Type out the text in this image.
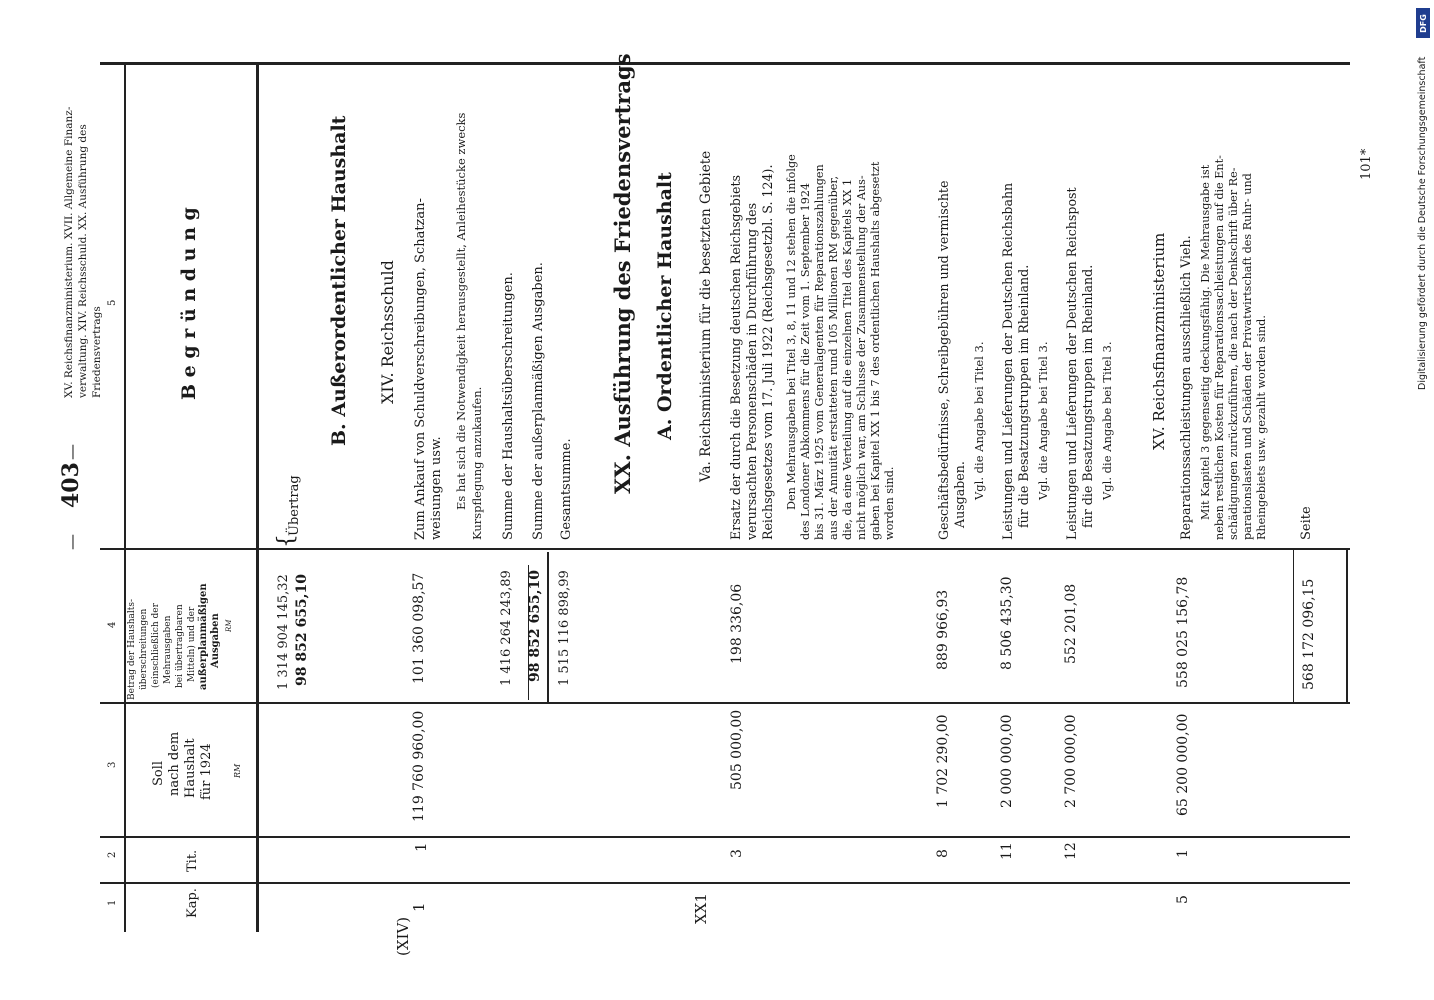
403
—
—
XV. Reichsfinanzministerium. XVII. Allgemeine Finanz- verwaltung. XIV. Reichsschuld. XX. Ausführung des Friedensvertrags
1
2
3
4
5
Kap.
Tit.
Soll nach dem Haushalt für 1924 RM
Betrag der Haushalts- überschreitungen (einschließlich der Mehrausgaben bei übertragbaren Mitteln) und der außerplanmäßigen Ausgaben RM
B e g r ü n d u n g
1 314 904 145,32 98 852 655,10
{
Übertrag
B. Außerordentlicher Haushalt XIV. Reichsschuld
(XIV)
1
1
119 760 960,00
101 360 098,57
Zum Ankauf von Schuldverschreibungen, Schatzan- weisungen usw. Es hat sich die Notwendigkeit herausgestellt, Anleihestücke zwecks Kurspflegung anzukaufen.
1 416 264 243,89
Summe der Haushaltsüberschreitungen.
98 852 655,10
Summe der außerplanmäßigen Ausgaben.
1 515 116 898,99
Gesamtsumme. XX. Ausführung des Friedensvertrags A. Ordentlicher Haushalt Va. Reichsministerium für die besetzten Gebiete
XX1
3
505 000,00
198 336,06
Ersatz der durch die Besetzung deutschen Reichsgebiets verursachten Personenschäden in Durchführung des Reichsgesetzes vom 17. Juli 1922 (Reichsgesetzbl. S. 124). Den Mehrausgaben bei Titel 3, 8, 11 und 12 stehen die infolge des Londoner Abkommens für die Zeit vom 1. September 1924 bis 31. März 1925 vom Generalagenten für Reparationszahlungen aus der Annuität erstatteten rund 105 Millionen RM gegenüber, die, da eine Verteilung auf die einzelnen Titel des Kapitels XX 1 nicht möglich war, am Schlusse der Zusammenstellung der Aus- gaben bei Kapitel XX 1 bis 7 des ordentlichen Haushalts abgesetzt worden sind.
8
1 702 290,00
889 966,93
Geschäftsbedürfnisse, Schreibgebühren und vermischte Ausgaben. Vgl. die Angabe bei Titel 3.
11
2 000 000,00
8 506 435,30
Leistungen und Lieferungen der Deutschen Reichsbahn für die Besatzungstruppen im Rheinland. Vgl. die Angabe bei Titel 3.
12
2 700 000,00
552 201,08
Leistungen und Lieferungen der Deutschen Reichspost für die Besatzungstruppen im Rheinland. Vgl. die Angabe bei Titel 3. XV. Reichsfinanzministerium
5
1
65 200 000,00
558 025 156,78
Reparationssachleistungen ausschließlich Vieh. Mit Kapitel 3 gegenseitig deckungsfähig. Die Mehrausgabe ist neben restlichen Kosten für Reparationssachleistungen auf die Ent- schädigungen zurückzuführen, die nach der Denkschrift über Re- parationslasten und Schäden der Privatwirtschaft des Ruhr- und Rheingebiets usw. gezahlt worden sind.
568 172 096,15
Seite
101*	Digitalisierung gefördert durch die Deutsche Forschungsgemeinschaft
DFG
